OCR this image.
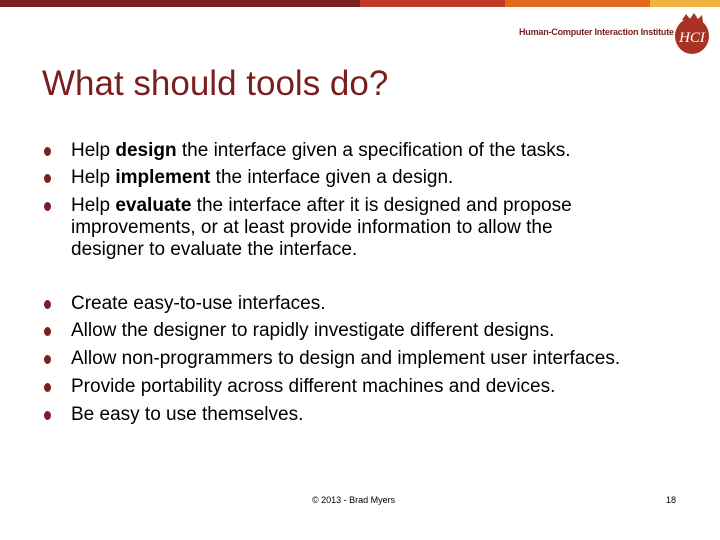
Human-Computer Interaction Institute HCI
What should tools do?
Help design the interface given a specification of the tasks.
Help implement the interface given a design.
Help evaluate the interface after it is designed and propose
improvements, or at least provide information to allow the
designer to evaluate the interface.
Create easy-to-use interfaces.
Allow the designer to rapidly investigate different designs.
Allow non-programmers to design and implement user interfaces.
Provide portability across different machines and devices.
Be easy to use themselves.
© 2013 - Brad Myers	18
